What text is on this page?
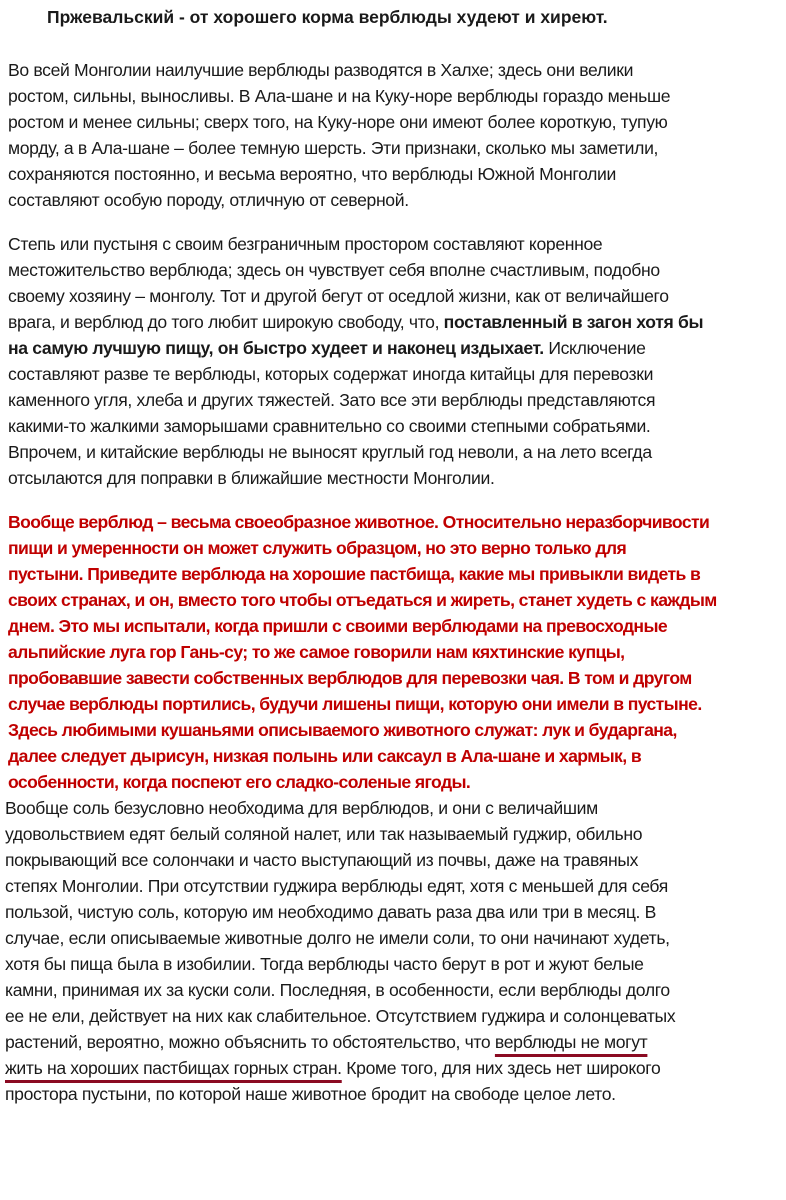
Пржевальский - от хорошего корма верблюды худеют и хиреют.
Во всей Монголии наилучшие верблюды разводятся в Халхе; здесь они велики
ростом, сильны, выносливы. В Ала-шане и на Куку-норе верблюды гораздо меньше
ростом и менее сильны; сверх того, на Куку-норе они имеют более короткую, тупую
морду, а в Ала-шане – более темную шерсть. Эти признаки, сколько мы заметили,
сохраняются постоянно, и весьма вероятно, что верблюды Южной Монголии
составляют особую породу, отличную от северной.
Степь или пустыня с своим безграничным простором составляют коренное
местожительство верблюда; здесь он чувствует себя вполне счастливым, подобно
своему хозяину – монголу. Тот и другой бегут от оседлой жизни, как от величайшего
врага, и верблюд до того любит широкую свободу, что, поставленный в загон хотя бы
на самую лучшую пищу, он быстро худеет и наконец издыхает. Исключение
составляют разве те верблюды, которых содержат иногда китайцы для перевозки
каменного угля, хлеба и других тяжестей. Зато все эти верблюды представляются
какими-то жалкими заморышами сравнительно со своими степными собратьями.
Впрочем, и китайские верблюды не выносят круглый год неволи, а на лето всегда
отсылаются для поправки в ближайшие местности Монголии.
Вообще верблюд – весьма своеобразное животное. Относительно неразборчивости
пищи и умеренности он может служить образцом, но это верно только для
пустыни. Приведите верблюда на хорошие пастбища, какие мы привыкли видеть в
своих странах, и он, вместо того чтобы отъедаться и жиреть, станет худеть с каждым
днем. Это мы испытали, когда пришли с своими верблюдами на превосходные
альпийские луга гор Гань-су; то же самое говорили нам кяхтинские купцы,
пробовавшие завести собственных верблюдов для перевозки чая. В том и другом
случае верблюды портились, будучи лишены пищи, которую они имели в пустыне.
Здесь любимыми кушаньями описываемого животного служат: лук и бударгана,
далее следует дырисун, низкая полынь или саксаул в Ала-шане и хармык, в
особенности, когда поспеют его сладко-соленые ягоды.
Вообще соль безусловно необходима для верблюдов, и они с величайшим
удовольствием едят белый соляной налет, или так называемый гуджир, обильно
покрывающий все солончаки и часто выступающий из почвы, даже на травяных
степях Монголии. При отсутствии гуджира верблюды едят, хотя с меньшей для себя
пользой, чистую соль, которую им необходимо давать раза два или три в месяц. В
случае, если описываемые животные долго не имели соли, то они начинают худеть,
хотя бы пища была в изобилии. Тогда верблюды часто берут в рот и жуют белые
камни, принимая их за куски соли. Последняя, в особенности, если верблюды долго
ее не ели, действует на них как слабительное. Отсутствием гуджира и солонцеватых
растений, вероятно, можно объяснить то обстоятельство, что верблюды не могут
жить на хороших пастбищах горных стран. Кроме того, для них здесь нет широкого
простора пустыни, по которой наше животное бродит на свободе целое лето.
